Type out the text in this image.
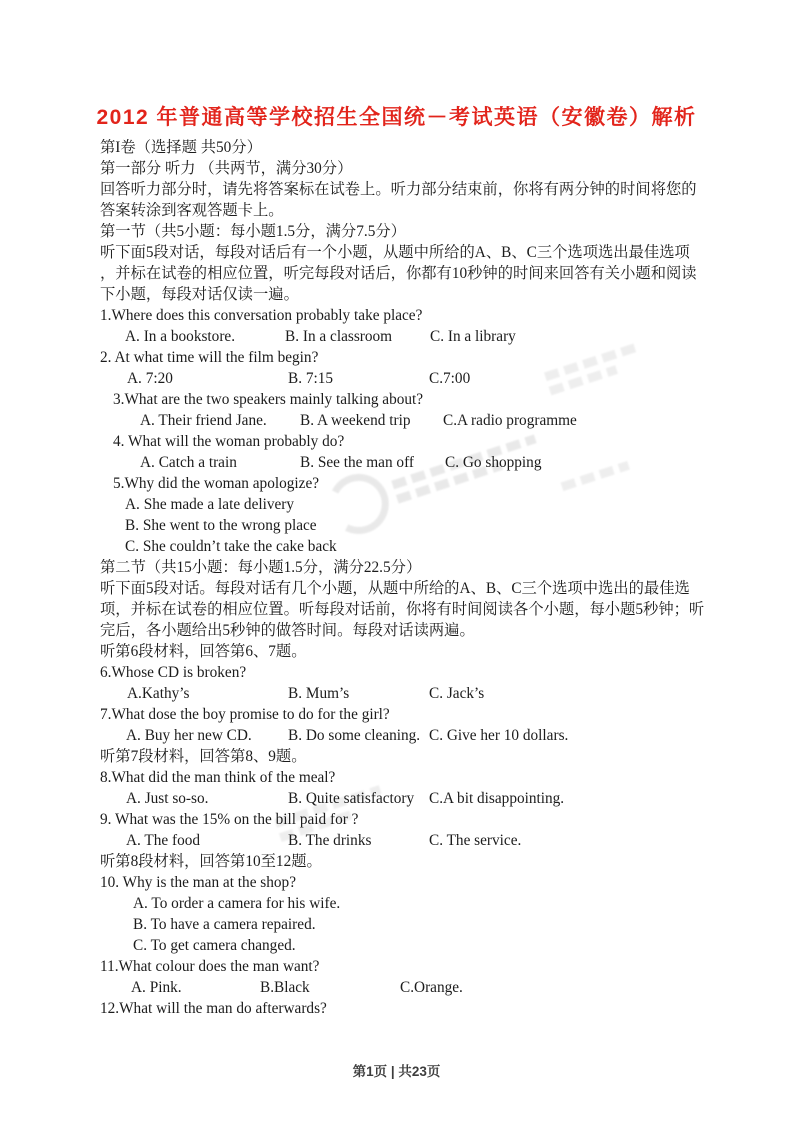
2012 年普通高等学校招生全国统－考试英语（安徽卷）解析
第I卷（选择题 共50分）
第一部分 听力 （共两节，满分30分）
回答听力部分时，请先将答案标在试卷上。听力部分结束前，你将有两分钟的时间将您的
答案转涂到客观答题卡上。
第一节（共5小题：每小题1.5分，满分7.5分）
听下面5段对话，每段对话后有一个小题，从题中所给的A、B、C三个选项选出最佳选项
，并标在试卷的相应位置，听完每段对话后，你都有10秒钟的时间来回答有关小题和阅读
下小题，每段对话仅读一遍。
1.Where does this conversation probably take place?
A. In a bookstore.	B. In a classroom C. In a library
2. At what time will the film begin?
A. 7:20	B. 7:15	C.7:00
3.What are the two speakers mainly talking about?
A. Their friend Jane. B. A weekend trip C.A radio programme
4. What will the woman probably do?
A. Catch a train	B. See the man off C. Go shopping
5.Why did the woman apologize?
A. She made a late delivery
B. She went to the wrong place
C. She couldn’t take the cake back
第二节（共15小题：每小题1.5分，满分22.5分）
听下面5段对话。每段对话有几个小题，从题中所给的A、B、C三个选项中选出的最佳选
项，并标在试卷的相应位置。听每段对话前，你将有时间阅读各个小题，每小题5秒钟；听
完后，各小题给出5秒钟的做答时间。每段对话读两遍。
听第6段材料，回答第6、7题。
6.Whose CD is broken?
A.Kathy’s	B. Mum’s	C. Jack’s
7.What dose the boy promise to do for the girl?
A. Buy her new CD. B. Do some cleaning. C. Give her 10 dollars.
听第7段材料，回答第8、9题。
8.What did the man think of the meal?
A. Just so-so.	B. Quite satisfactory C.A bit disappointing.
9. What was the 15% on the bill paid for ?
A. The food	B. The drinks	C. The service.
听第8段材料，回答第10至12题。
10. Why is the man at the shop?
A. To order a camera for his wife.
B. To have a camera repaired.
C. To get camera changed.
11.What colour does the man want?
A. Pink.	B.Black	C.Orange.
12.What will the man do afterwards?
第1页 | 共23页
